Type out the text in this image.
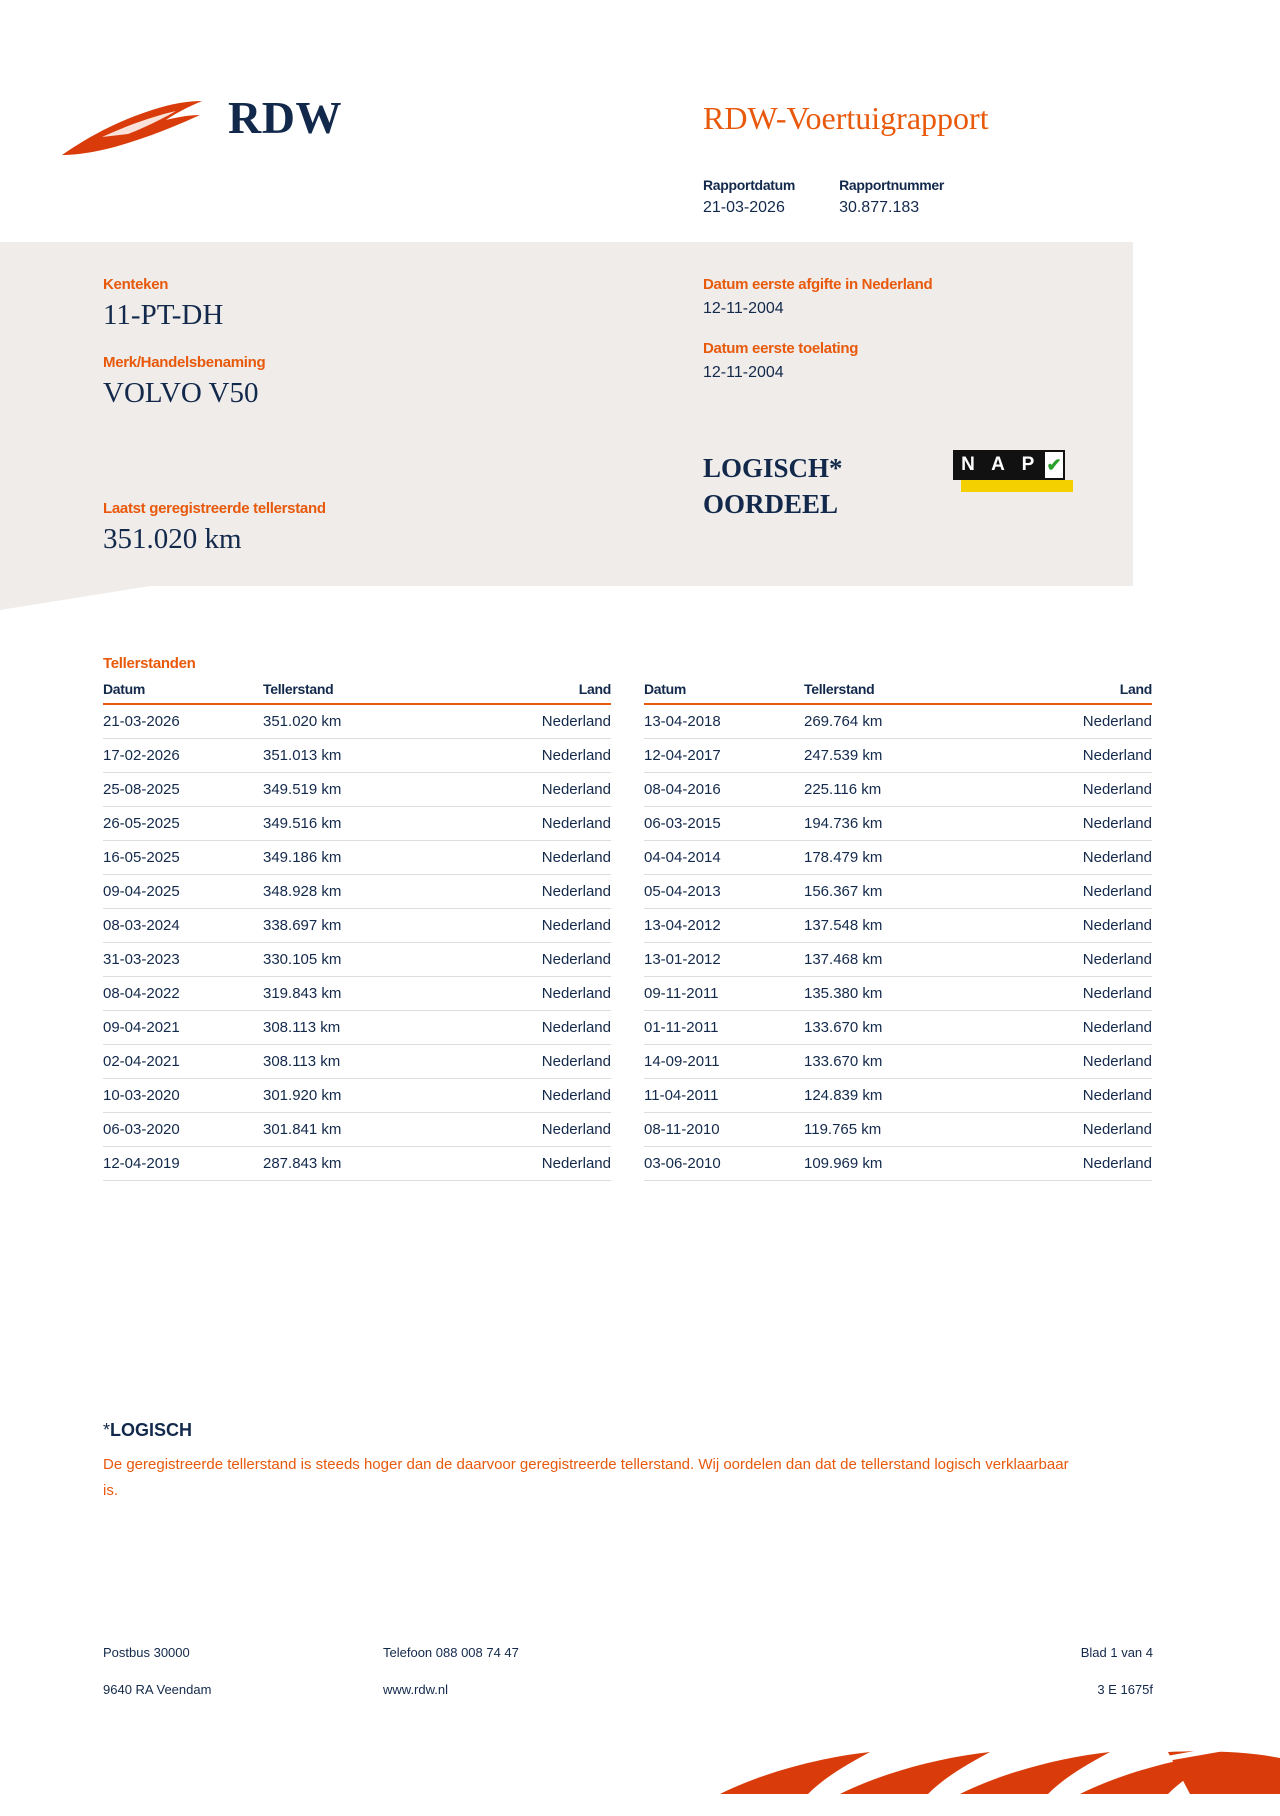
RDW	RDW-Voertuigrapport
Rapportdatum
21-03-2026
Rapportnummer
30.877.183
Kenteken
11-PT-DH
Merk/Handelsbenaming
VOLVO V50
Laatst geregistreerde tellerstand
351.020 km
Datum eerste afgifte in Nederland
12-11-2004
Datum eerste toelating
12-11-2004
LOGISCH*
OORDEEL
N A P ✔
Tellerstanden
Datum	Tellerstand	Land
21-03-2026	351.020 km	Nederland
17-02-2026	351.013 km	Nederland
25-08-2025	349.519 km	Nederland
26-05-2025	349.516 km	Nederland
16-05-2025	349.186 km	Nederland
09-04-2025	348.928 km	Nederland
08-03-2024	338.697 km	Nederland
31-03-2023	330.105 km	Nederland
08-04-2022	319.843 km	Nederland
09-04-2021	308.113 km	Nederland
02-04-2021	308.113 km	Nederland
10-03-2020	301.920 km	Nederland
06-03-2020	301.841 km	Nederland
12-04-2019	287.843 km	Nederland
Datum	Tellerstand	Land
13-04-2018	269.764 km	Nederland
12-04-2017	247.539 km	Nederland
08-04-2016	225.116 km	Nederland
06-03-2015	194.736 km	Nederland
04-04-2014	178.479 km	Nederland
05-04-2013	156.367 km	Nederland
13-04-2012	137.548 km	Nederland
13-01-2012	137.468 km	Nederland
09-11-2011	135.380 km	Nederland
01-11-2011	133.670 km	Nederland
14-09-2011	133.670 km	Nederland
11-04-2011	124.839 km	Nederland
08-11-2010	119.765 km	Nederland
03-06-2010	109.969 km	Nederland
*LOGISCH
De geregistreerde tellerstand is steeds hoger dan de daarvoor geregistreerde tellerstand. Wij oordelen dan dat de tellerstand logisch verklaarbaar is.
Postbus 30000	Telefoon 088 008 74 47	Blad 1 van 4
9640 RA Veendam	www.rdw.nl	3 E 1675f
